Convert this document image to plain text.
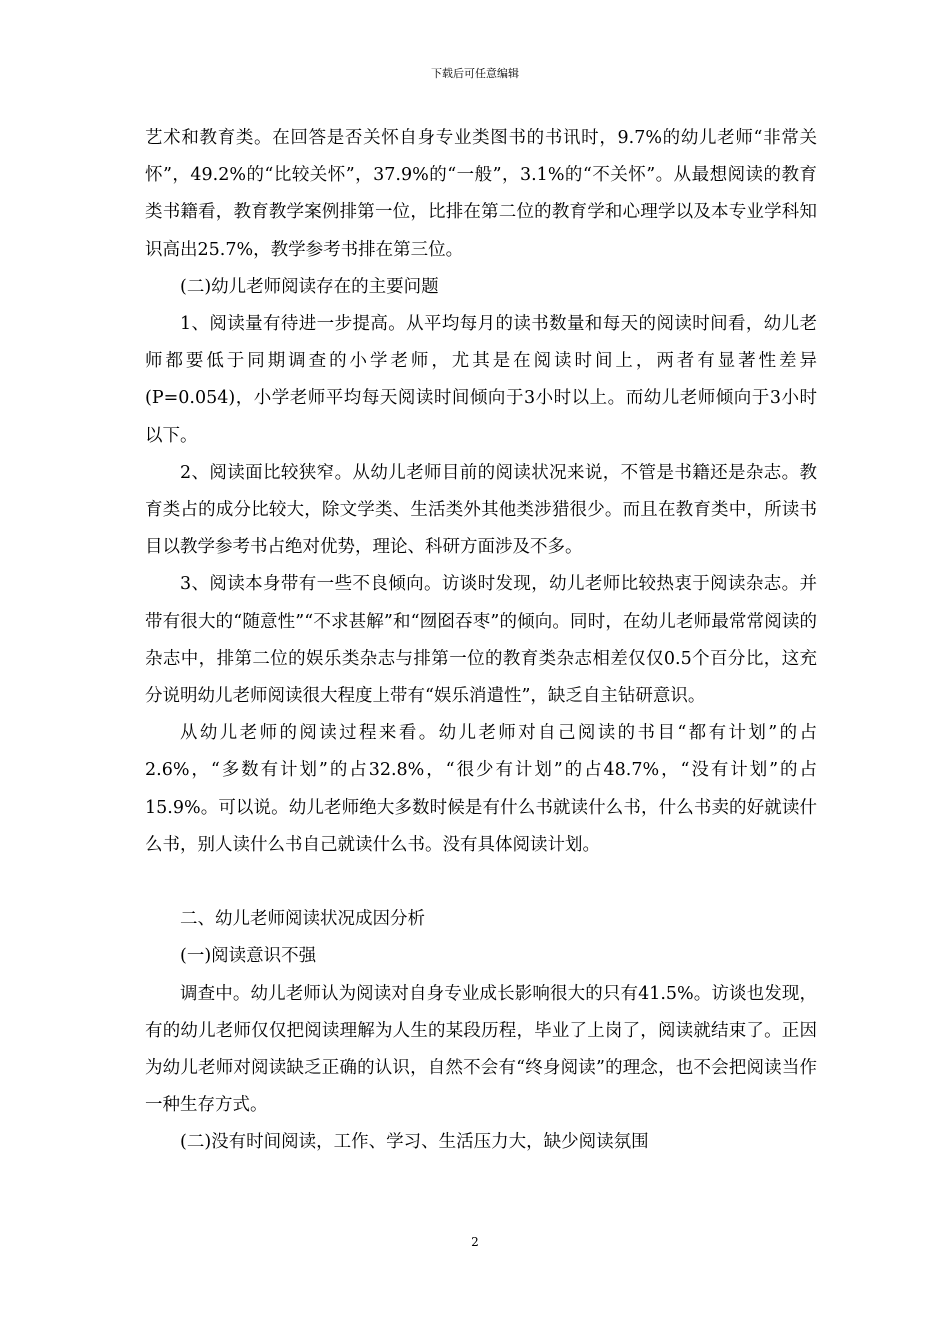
下载后可任意编辑

艺术和教育类。在回答是否关怀自身专业类图书的书讯时，9.7%的幼儿老师“非常关怀”，49.2%的“比较关怀”，37.9%的“一般”，3.1%的“不关怀”。从最想阅读的教育类书籍看，教育教学案例排第一位，比排在第二位的教育学和心理学以及本专业学科知识高出25.7%，教学参考书排在第三位。

(二)幼儿老师阅读存在的主要问题

1、阅读量有待进一步提高。从平均每月的读书数量和每天的阅读时间看，幼儿老师都要低于同期调查的小学老师，尤其是在阅读时间上，两者有显著性差异(P=0.054)，小学老师平均每天阅读时间倾向于3小时以上。而幼儿老师倾向于3小时以下。

2、阅读面比较狭窄。从幼儿老师目前的阅读状况来说，不管是书籍还是杂志。教育类占的成分比较大，除文学类、生活类外其他类涉猎很少。而且在教育类中，所读书目以教学参考书占绝对优势，理论、科研方面涉及不多。

3、阅读本身带有一些不良倾向。访谈时发现，幼儿老师比较热衷于阅读杂志。并带有很大的“随意性”“不求甚解”和“囫囵吞枣”的倾向。同时，在幼儿老师最常常阅读的杂志中，排第二位的娱乐类杂志与排第一位的教育类杂志相差仅仅0.5个百分比，这充分说明幼儿老师阅读很大程度上带有“娱乐消遣性”，缺乏自主钻研意识。

从幼儿老师的阅读过程来看。幼儿老师对自己阅读的书目“都有计划”的占2.6%，“多数有计划”的占32.8%，“很少有计划”的占48.7%，“没有计划”的占15.9%。可以说。幼儿老师绝大多数时候是有什么书就读什么书，什么书卖的好就读什么书，别人读什么书自己就读什么书。没有具体阅读计划。

二、幼儿老师阅读状况成因分析

(一)阅读意识不强

调查中。幼儿老师认为阅读对自身专业成长影响很大的只有41.5%。访谈也发现，有的幼儿老师仅仅把阅读理解为人生的某段历程，毕业了上岗了，阅读就结束了。正因为幼儿老师对阅读缺乏正确的认识，自然不会有“终身阅读”的理念，也不会把阅读当作一种生存方式。

(二)没有时间阅读，工作、学习、生活压力大，缺少阅读氛围

2
